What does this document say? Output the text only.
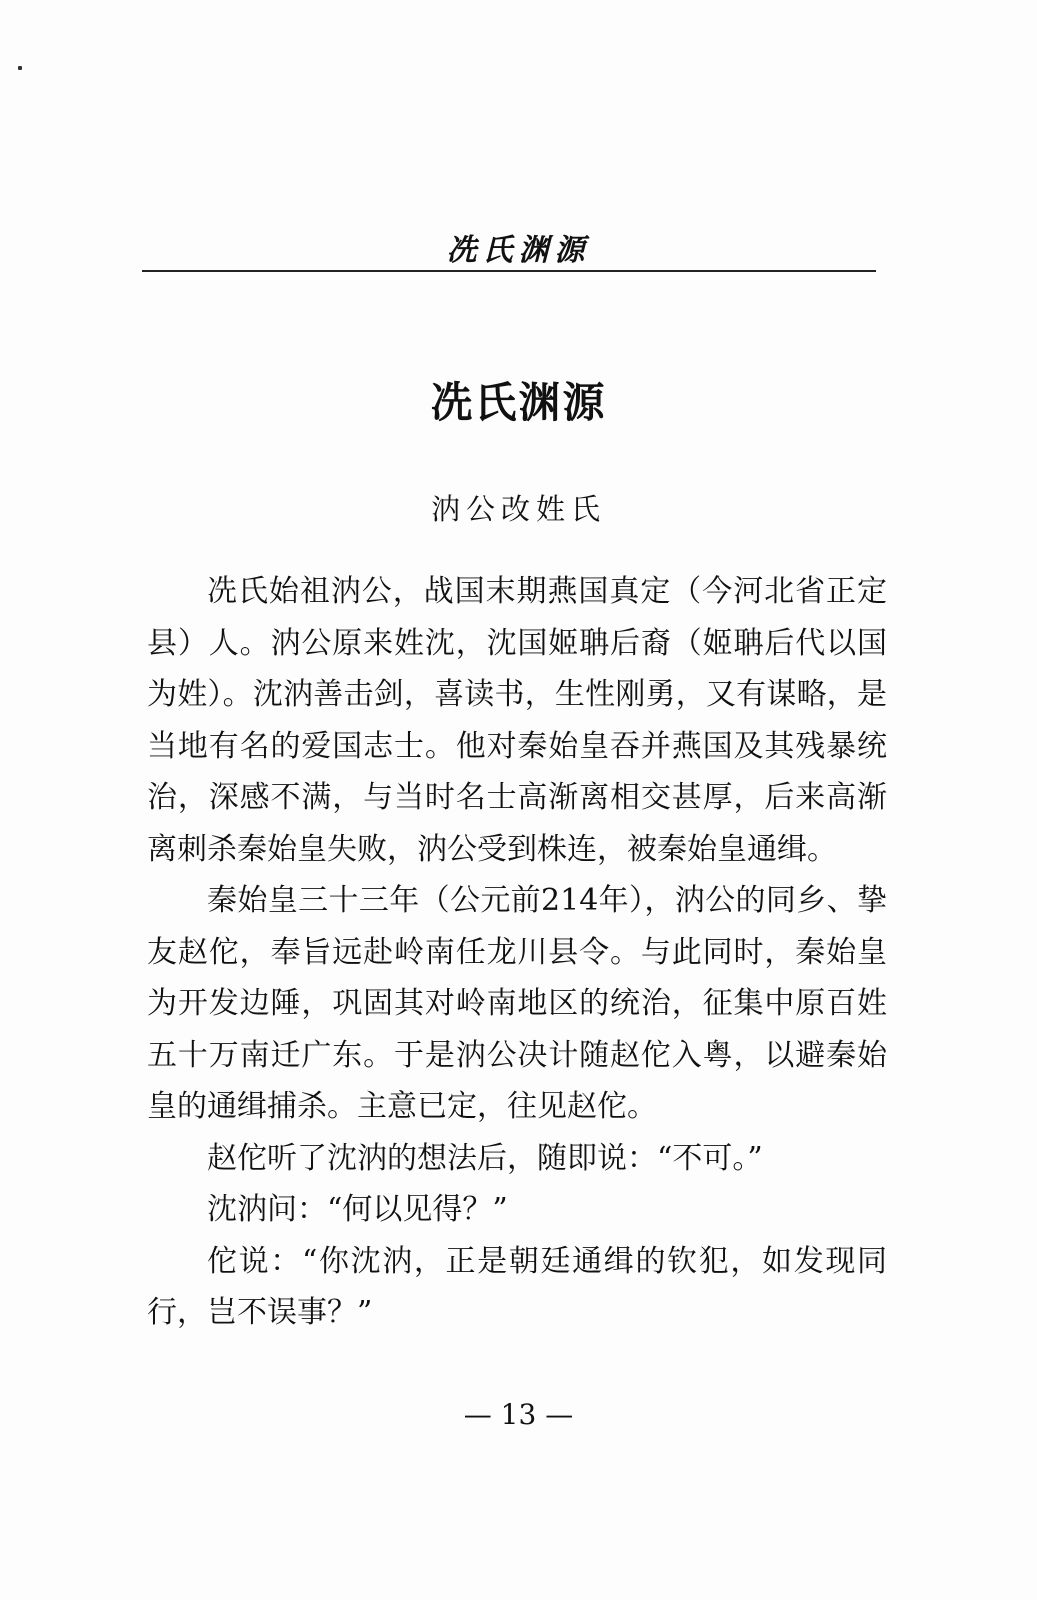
冼氏渊源
冼氏渊源
汭公改姓氏

冼氏始祖汭公，战国末期燕国真定（今河北省正定县）人。汭公原来姓沈，沈国姬聃后裔（姬聃后代以国为姓）。沈汭善击剑，喜读书，生性刚勇，又有谋略，是当地有名的爱国志士。他对秦始皇吞并燕国及其残暴统治，深感不满，与当时名士高渐离相交甚厚，后来高渐离刺杀秦始皇失败，汭公受到株连，被秦始皇通缉。

秦始皇三十三年（公元前214年），汭公的同乡、挚友赵佗，奉旨远赴岭南任龙川县令。与此同时，秦始皇为开发边陲，巩固其对岭南地区的统治，征集中原百姓五十万南迁广东。于是汭公决计随赵佗入粤，以避秦始皇的通缉捕杀。主意已定，往见赵佗。

赵佗听了沈汭的想法后，随即说：“不可。”

沈汭问：“何以见得？”

佗说：“你沈汭，正是朝廷通缉的钦犯，如发现同行，岂不误事？”

— 13 —
